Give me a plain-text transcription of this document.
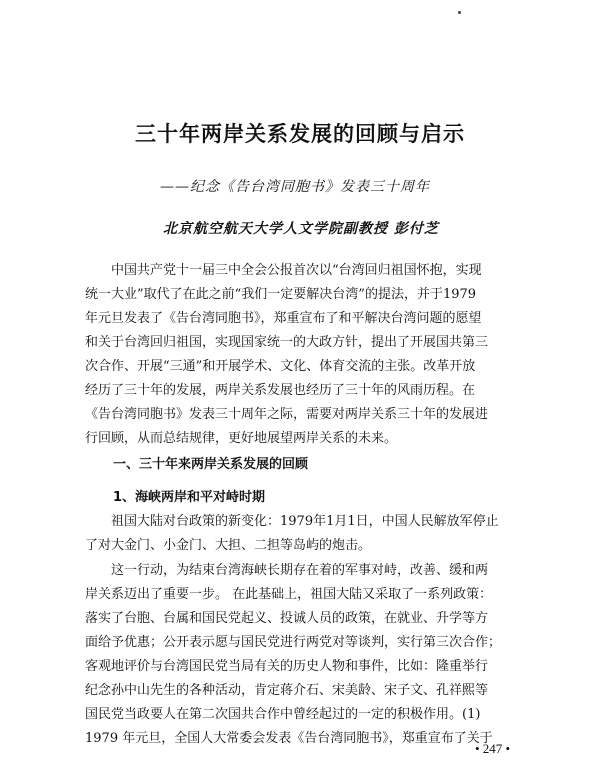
三十年两岸关系发展的回顾与启示
——纪念《告台湾同胞书》发表三十周年
北京航空航天大学人文学院副教授 彭付芝
中国共产党十一届三中全会公报首次以“台湾回归祖国怀抱，实现
统一大业”取代了在此之前“我们一定要解决台湾”的提法，并于1979
年元旦发表了《告台湾同胞书》，郑重宣布了和平解决台湾问题的愿望
和关于台湾回归祖国，实现国家统一的大政方针，提出了开展国共第三
次合作、开展“三通”和开展学术、文化、体育交流的主张。改革开放
经历了三十年的发展，两岸关系发展也经历了三十年的风雨历程。在
《告台湾同胞书》发表三十周年之际，需要对两岸关系三十年的发展进
行回顾，从而总结规律，更好地展望两岸关系的未来。
一、三十年来两岸关系发展的回顾
1、海峡两岸和平对峙时期
祖国大陆对台政策的新变化：1979年1月1日，中国人民解放军停止
了对大金门、小金门、大担、二担等岛屿的炮击。
这一行动，为结束台湾海峡长期存在着的军事对峙，改善、缓和两
岸关系迈出了重要一步。 在此基础上，祖国大陆又采取了一系列政策：
落实了台胞、台属和国民党起义、投诚人员的政策，在就业、升学等方
面给予优惠；公开表示愿与国民党进行两党对等谈判，实行第三次合作；
客观地评价与台湾国民党当局有关的历史人物和事件，比如：隆重举行
纪念孙中山先生的各种活动，肯定蒋介石、宋美龄、宋子文、孔祥熙等
国民党当政要人在第二次国共合作中曾经起过的一定的积极作用。(1)
1979 年元旦，全国人大常委会发表《告台湾同胞书》，郑重宣布了关于
• 247 •
